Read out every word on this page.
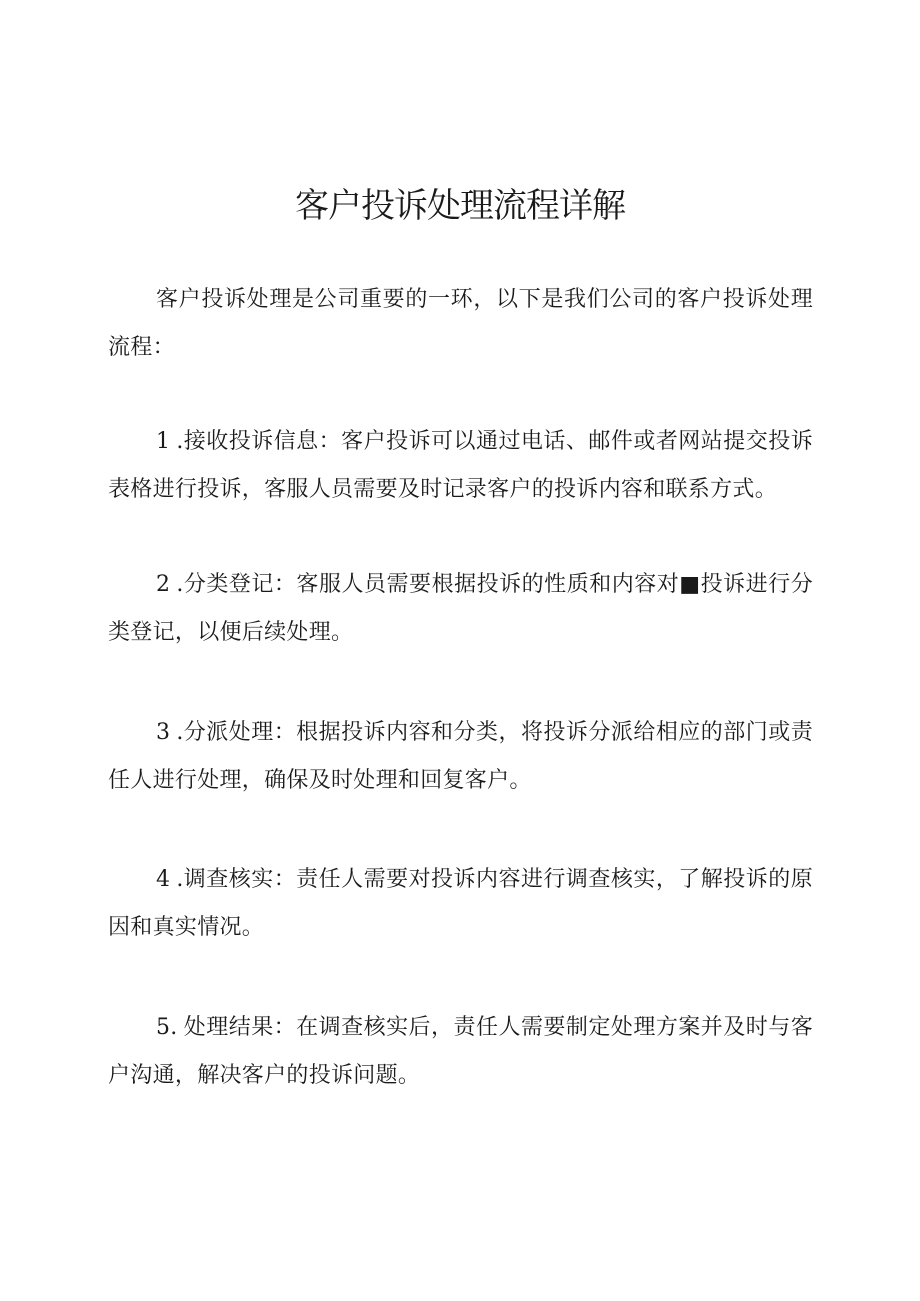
客户投诉处理流程详解

客户投诉处理是公司重要的一环，以下是我们公司的客户投诉处理流程：

1 .接收投诉信息：客户投诉可以通过电话、邮件或者网站提交投诉表格进行投诉，客服人员需要及时记录客户的投诉内容和联系方式。

2 .分类登记：客服人员需要根据投诉的性质和内容对■投诉进行分类登记，以便后续处理。

3 .分派处理：根据投诉内容和分类，将投诉分派给相应的部门或责任人进行处理，确保及时处理和回复客户。

4 .调查核实：责任人需要对投诉内容进行调查核实，了解投诉的原因和真实情况。

5. 处理结果：在调查核实后，责任人需要制定处理方案并及时与客户沟通，解决客户的投诉问题。
